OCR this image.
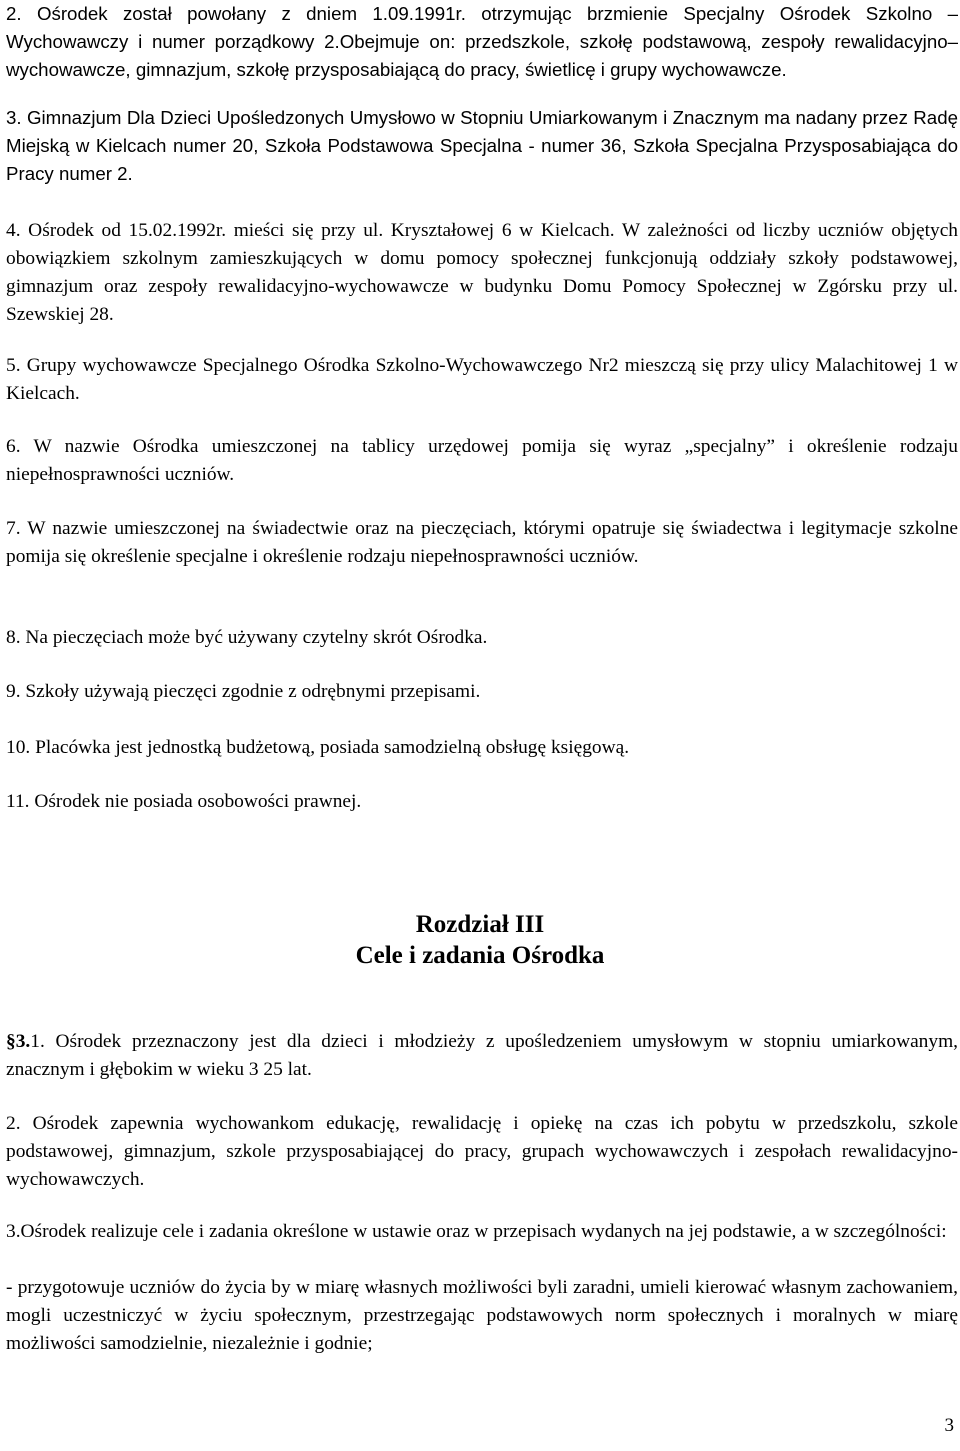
2. Ośrodek został powołany z dniem 1.09.1991r. otrzymując brzmienie Specjalny Ośrodek Szkolno –Wychowawczy i numer porządkowy 2.Obejmuje on: przedszkole, szkołę podstawową, zespoły rewalidacyjno–wychowawcze, gimnazjum, szkołę przysposabiającą do pracy, świetlicę i grupy wychowawcze.

3. Gimnazjum Dla Dzieci Upośledzonych Umysłowo w Stopniu Umiarkowanym i Znacznym ma nadany przez Radę Miejską w Kielcach numer 20, Szkoła Podstawowa Specjalna - numer 36, Szkoła Specjalna Przysposabiająca do Pracy numer 2.

4. Ośrodek od 15.02.1992r. mieści się przy ul. Kryształowej 6 w Kielcach. W zależności od liczby uczniów objętych obowiązkiem szkolnym zamieszkujących w domu pomocy społecznej funkcjonują oddziały szkoły podstawowej, gimnazjum oraz zespoły rewalidacyjno-wychowawcze w budynku Domu Pomocy Społecznej w Zgórsku przy ul. Szewskiej 28.

5. Grupy wychowawcze Specjalnego Ośrodka Szkolno-Wychowawczego Nr2 mieszczą się przy ulicy Malachitowej 1 w Kielcach.

6. W nazwie Ośrodka umieszczonej na tablicy urzędowej pomija się wyraz „specjalny” i określenie rodzaju niepełnosprawności uczniów.

7. W nazwie umieszczonej na świadectwie oraz na pieczęciach, którymi opatruje się świadectwa i legitymacje szkolne pomija się określenie specjalne i określenie rodzaju niepełnosprawności uczniów.

8. Na pieczęciach może być używany czytelny skrót Ośrodka.

9. Szkoły używają pieczęci zgodnie z odrębnymi przepisami.

10. Placówka jest jednostką budżetową, posiada samodzielną obsługę księgową.

11. Ośrodek nie posiada osobowości prawnej.

Rozdział III
Cele i zadania Ośrodka

§3.1. Ośrodek przeznaczony jest dla dzieci i młodzieży z upośledzeniem umysłowym w stopniu umiarkowanym, znacznym i głębokim w wieku 3 25 lat.

2. Ośrodek zapewnia wychowankom edukację, rewalidację i opiekę na czas ich pobytu w przedszkolu, szkole podstawowej, gimnazjum, szkole przysposabiającej do pracy, grupach wychowawczych i zespołach rewalidacyjno-wychowawczych.

3.Ośrodek realizuje cele i zadania określone w ustawie oraz w przepisach wydanych na jej podstawie, a w szczególności:

- przygotowuje uczniów do życia by w miarę własnych możliwości byli zaradni, umieli kierować własnym zachowaniem, mogli uczestniczyć w życiu społecznym, przestrzegając podstawowych norm społecznych i moralnych w miarę możliwości samodzielnie, niezależnie i godnie;

3
